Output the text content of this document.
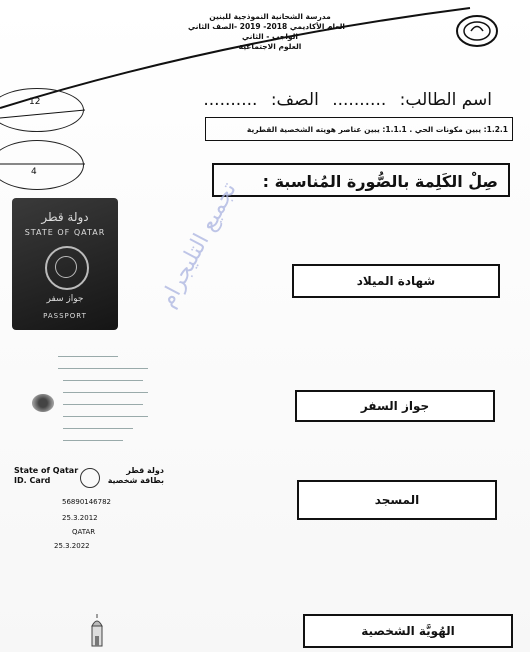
مدرسة الشحانية النموذجية للبنين
العام الأكاديمي 2018- 2019 -الصف الثاني
الواجب - الثاني
العلوم الاجتماعية
اسم الطالب: .......... الصف: ..........
12
4
1.2.1: يبين مكونات الحي . 1.1.1: يبين عناصر هويته الشخصية القطرية
صِلْ الكَلِمة بالصُّورة المُناسبة :
شهادة الميلاد
جواز السفر
المسجد
الهُويَّة الشخصية
دولة قطر
STATE OF QATAR
جواز سفر
PASSPORT
State of Qatar
ID. Card
دولة قطر
بطاقة شخصية
56890146782
25.3.2012
QATAR
25.3.2022
تجميع التليجرام
